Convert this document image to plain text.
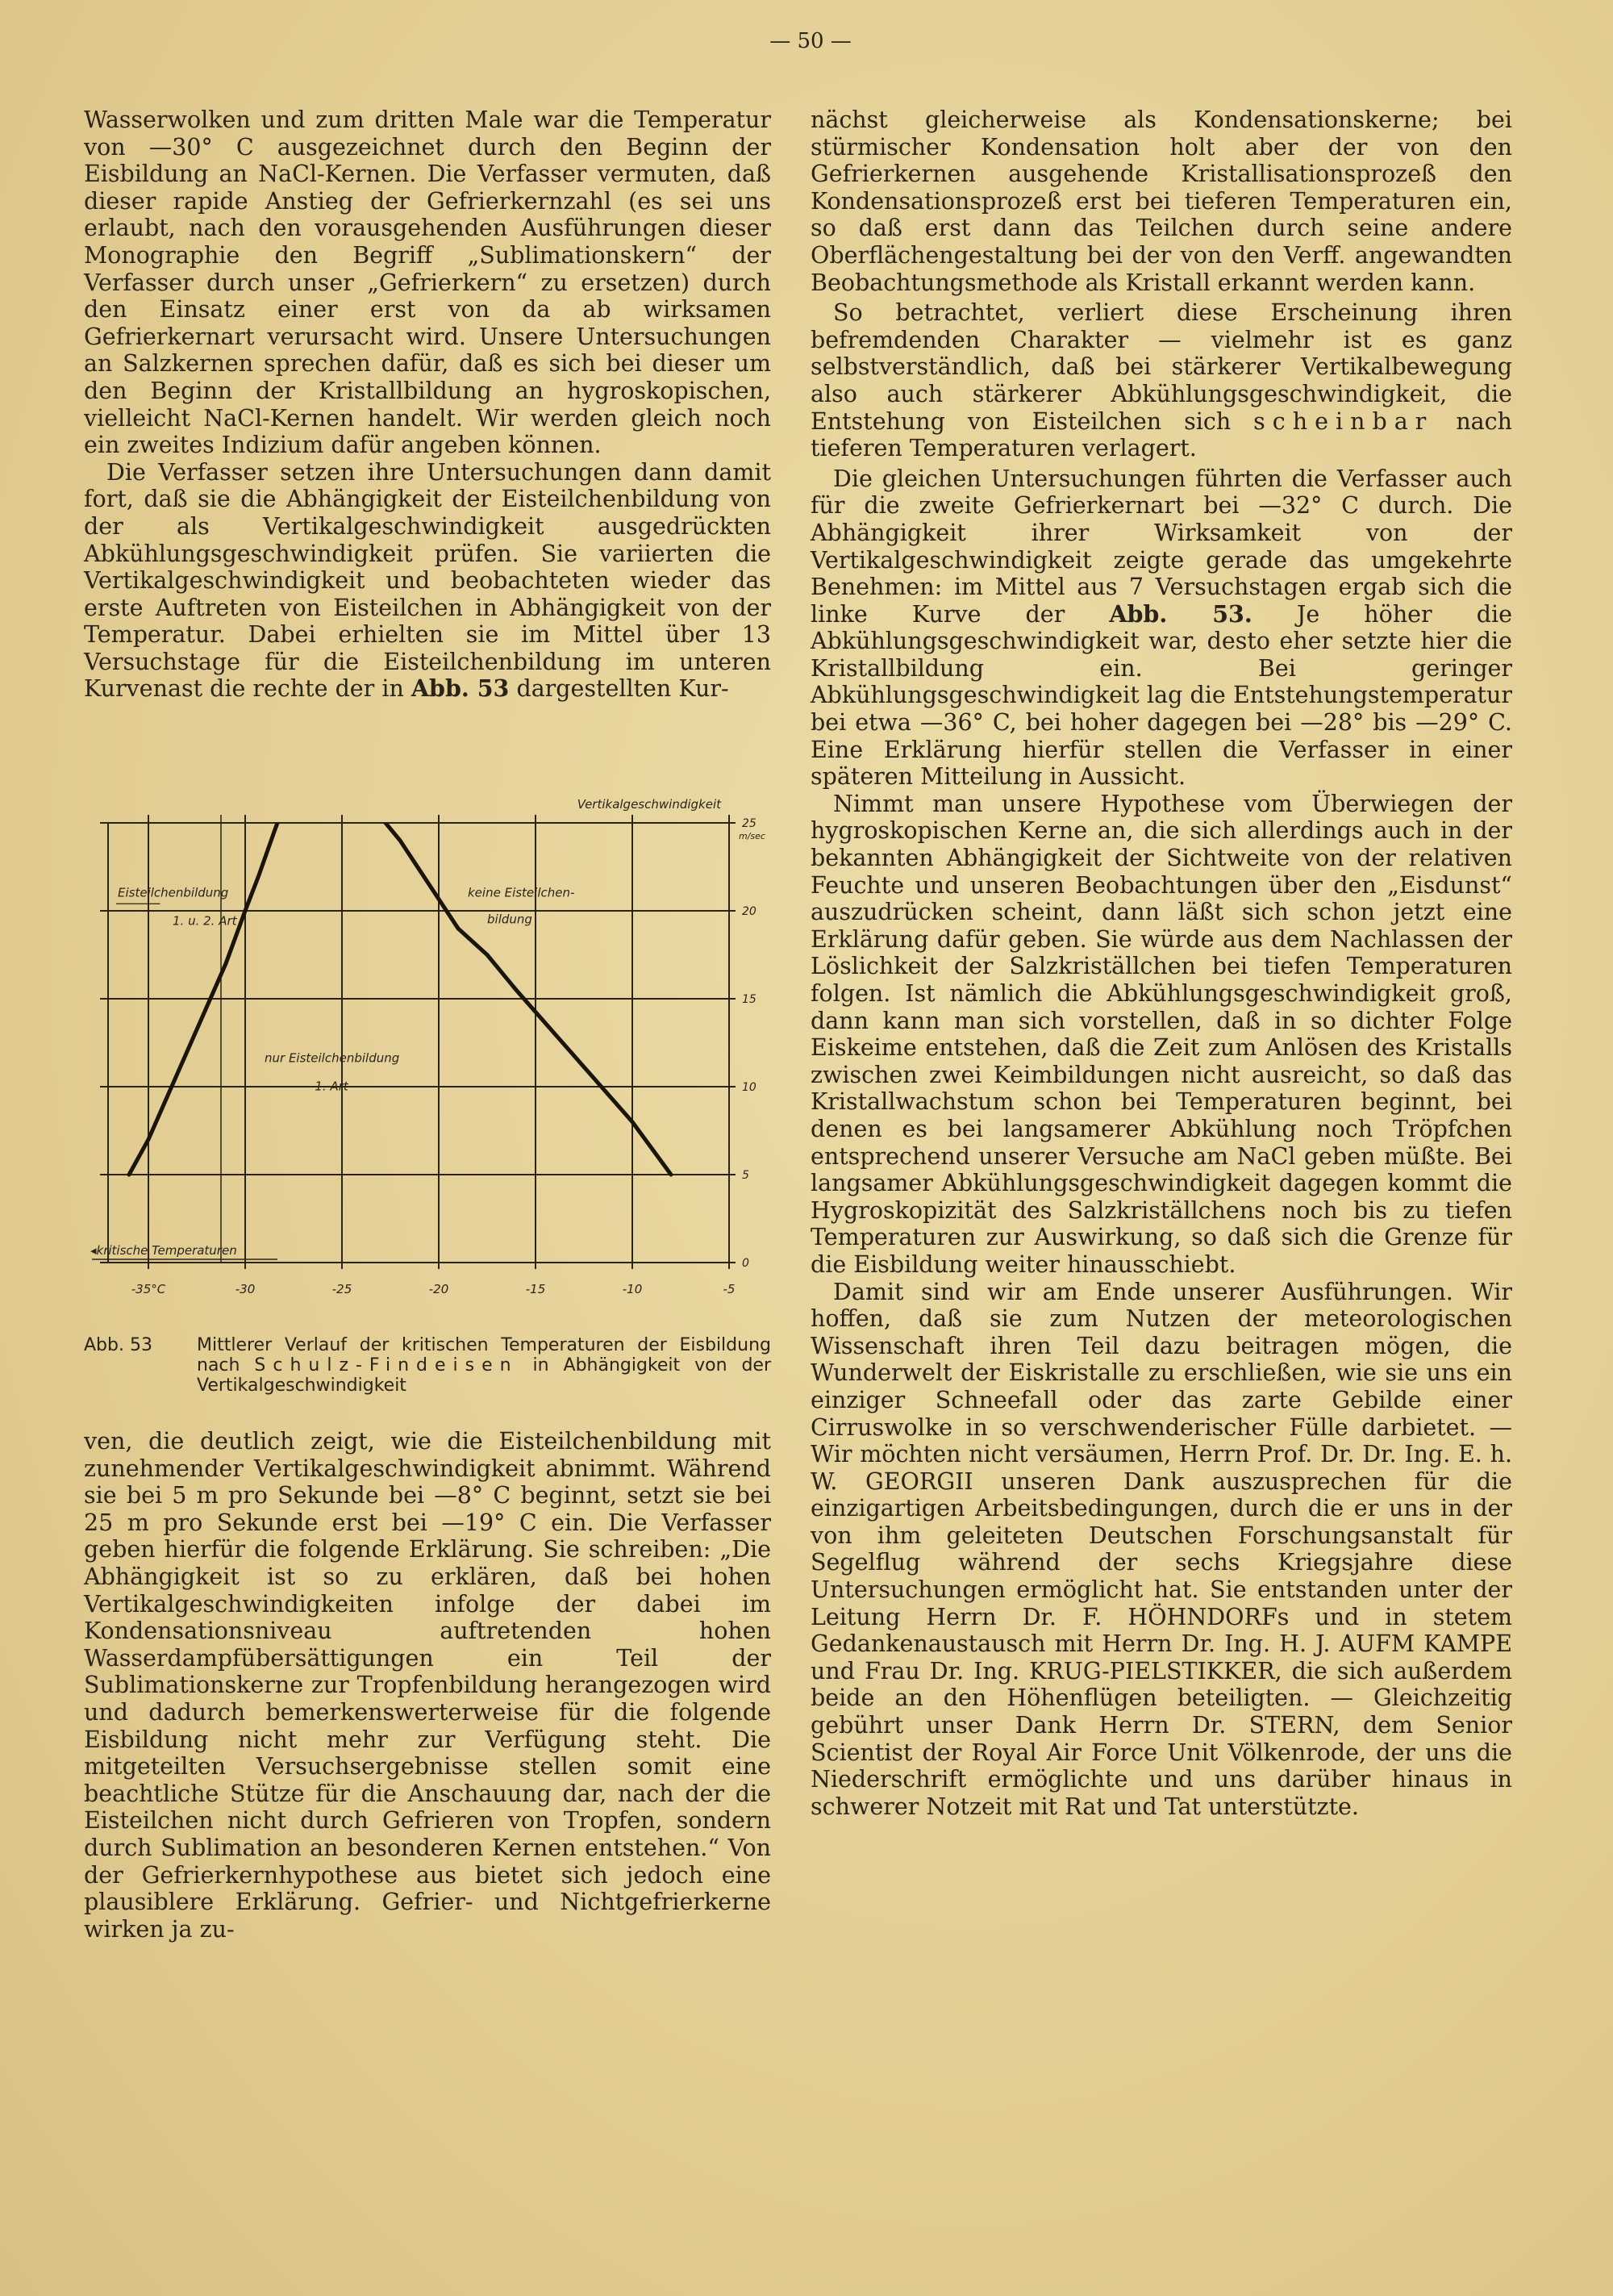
— 50 —

Wasserwolken und zum dritten Male war die Temperatur von —30° C ausgezeichnet durch den Beginn der Eisbildung an NaCl-Kernen. Die Verfasser vermuten, daß dieser rapide Anstieg der Gefrierkernzahl (es sei uns erlaubt, nach den vorausgehenden Ausführungen dieser Monographie den Begriff „Sublimationskern“ der Verfasser durch unser „Gefrierkern“ zu ersetzen) durch den Einsatz einer erst von da ab wirksamen Gefrierkernart verursacht wird. Unsere Untersuchungen an Salzkernen sprechen dafür, daß es sich bei dieser um den Beginn der Kristallbildung an hygroskopischen, vielleicht NaCl-Kernen handelt. Wir werden gleich noch ein zweites Indizium dafür angeben können.

Die Verfasser setzen ihre Untersuchungen dann damit fort, daß sie die Abhängigkeit der Eisteilchenbildung von der als Vertikalgeschwindigkeit ausgedrückten Abkühlungsgeschwindigkeit prüfen. Sie variierten die Vertikalgeschwindigkeit und beobachteten wieder das erste Auftreten von Eisteilchen in Abhängigkeit von der Temperatur. Dabei erhielten sie im Mittel über 13 Versuchstage für die Eisteilchenbildung im unteren Kurvenast die rechte der in Abb. 53 dargestellten Kur-

-35°C	-30	-25	-20	-15	-10	-5
25
20
15
10
5
0
m/sec
Vertikalgeschwindigkeit
◂kritische Temperaturen
Eisteilchenbildung
1. u. 2. Art
keine Eisteilchen-
bildung
nur Eisteilchenbildung
1. Art
Abb. 53	Mittlerer Verlauf der kritischen Temperaturen der Eisbildung nach Schulz-Findeisen in Abhängigkeit von der Vertikalgeschwindigkeit

ven, die deutlich zeigt, wie die Eisteilchenbildung mit zunehmender Vertikalgeschwindigkeit abnimmt. Während sie bei 5 m pro Sekunde bei —8° C beginnt, setzt sie bei 25 m pro Sekunde erst bei —19° C ein. Die Verfasser geben hierfür die folgende Erklärung. Sie schreiben: „Die Abhängigkeit ist so zu erklären, daß bei hohen Vertikalgeschwindigkeiten infolge der dabei im Kondensationsniveau auftretenden hohen Wasserdampfübersättigungen ein Teil der Sublimationskerne zur Tropfenbildung herangezogen wird und dadurch bemerkenswerterweise für die folgende Eisbildung nicht mehr zur Verfügung steht. Die mitgeteilten Versuchsergebnisse stellen somit eine beachtliche Stütze für die Anschauung dar, nach der die Eisteilchen nicht durch Gefrieren von Tropfen, sondern durch Sublimation an besonderen Kernen entstehen.“ Von der Gefrierkernhypothese aus bietet sich jedoch eine plausiblere Erklärung. Gefrier- und Nichtgefrierkerne wirken ja zu-

nächst gleicherweise als Kondensationskerne; bei stürmischer Kondensation holt aber der von den Gefrierkernen ausgehende Kristallisationsprozeß den Kondensationsprozeß erst bei tieferen Temperaturen ein, so daß erst dann das Teilchen durch seine andere Oberflächengestaltung bei der von den Verff. angewandten Beobachtungsmethode als Kristall erkannt werden kann.

So betrachtet, verliert diese Erscheinung ihren befremdenden Charakter — vielmehr ist es ganz selbstverständlich, daß bei stärkerer Vertikalbewegung also auch stärkerer Abkühlungsgeschwindigkeit, die Entstehung von Eisteilchen sich scheinbar nach tieferen Temperaturen verlagert.

Die gleichen Untersuchungen führten die Verfasser auch für die zweite Gefrierkernart bei —32° C durch. Die Abhängigkeit ihrer Wirksamkeit von der Vertikalgeschwindigkeit zeigte gerade das umgekehrte Benehmen: im Mittel aus 7 Versuchstagen ergab sich die linke Kurve der Abb. 53. Je höher die Abkühlungsgeschwindigkeit war, desto eher setzte hier die Kristallbildung ein. Bei geringer Abkühlungsgeschwindigkeit lag die Entstehungstemperatur bei etwa —36° C, bei hoher dagegen bei —28° bis —29° C. Eine Erklärung hierfür stellen die Verfasser in einer späteren Mitteilung in Aussicht.

Nimmt man unsere Hypothese vom Überwiegen der hygroskopischen Kerne an, die sich allerdings auch in der bekannten Abhängigkeit der Sichtweite von der relativen Feuchte und unseren Beobachtungen über den „Eisdunst“ auszudrücken scheint, dann läßt sich schon jetzt eine Erklärung dafür geben. Sie würde aus dem Nachlassen der Löslichkeit der Salzkriställchen bei tiefen Temperaturen folgen. Ist nämlich die Abkühlungsgeschwindigkeit groß, dann kann man sich vorstellen, daß in so dichter Folge Eiskeime entstehen, daß die Zeit zum Anlösen des Kristalls zwischen zwei Keimbildungen nicht ausreicht, so daß das Kristallwachstum schon bei Temperaturen beginnt, bei denen es bei langsamerer Abkühlung noch Tröpfchen entsprechend unserer Versuche am NaCl geben müßte. Bei langsamer Abkühlungsgeschwindigkeit dagegen kommt die Hygroskopizität des Salzkriställchens noch bis zu tiefen Temperaturen zur Auswirkung, so daß sich die Grenze für die Eisbildung weiter hinausschiebt.

Damit sind wir am Ende unserer Ausführungen. Wir hoffen, daß sie zum Nutzen der meteorologischen Wissenschaft ihren Teil dazu beitragen mögen, die Wunderwelt der Eiskristalle zu erschließen, wie sie uns ein einziger Schneefall oder das zarte Gebilde einer Cirruswolke in so verschwenderischer Fülle darbietet. — Wir möchten nicht versäumen, Herrn Prof. Dr. Dr. Ing. E. h. W. GEORGII unseren Dank auszusprechen für die einzigartigen Arbeitsbedingungen, durch die er uns in der von ihm geleiteten Deutschen Forschungsanstalt für Segelflug während der sechs Kriegsjahre diese Untersuchungen ermöglicht hat. Sie entstanden unter der Leitung Herrn Dr. F. HÖHNDORFs und in stetem Gedankenaustausch mit Herrn Dr. Ing. H. J. AUFM KAMPE und Frau Dr. Ing. KRUG-PIELSTIKKER, die sich außerdem beide an den Höhenflügen beteiligten. — Gleichzeitig gebührt unser Dank Herrn Dr. STERN, dem Senior Scientist der Royal Air Force Unit Völkenrode, der uns die Niederschrift ermöglichte und uns darüber hinaus in schwerer Notzeit mit Rat und Tat unterstützte.
